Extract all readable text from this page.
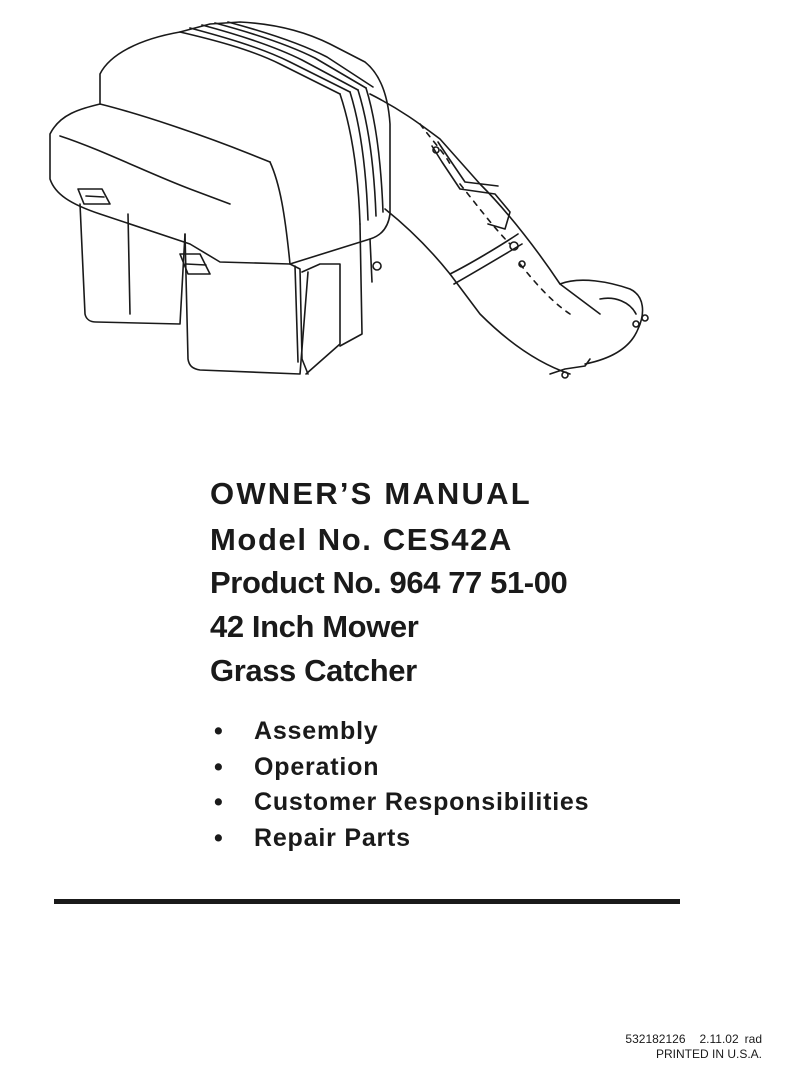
OWNER’S MANUAL

Model No. CES42A

Product No. 964 77 51-00

42 Inch Mower

Grass Catcher

• Assembly
• Operation
• Customer Responsibilities
• Repair Parts
532182126 2.11.02 rad
PRINTED IN U.S.A.
